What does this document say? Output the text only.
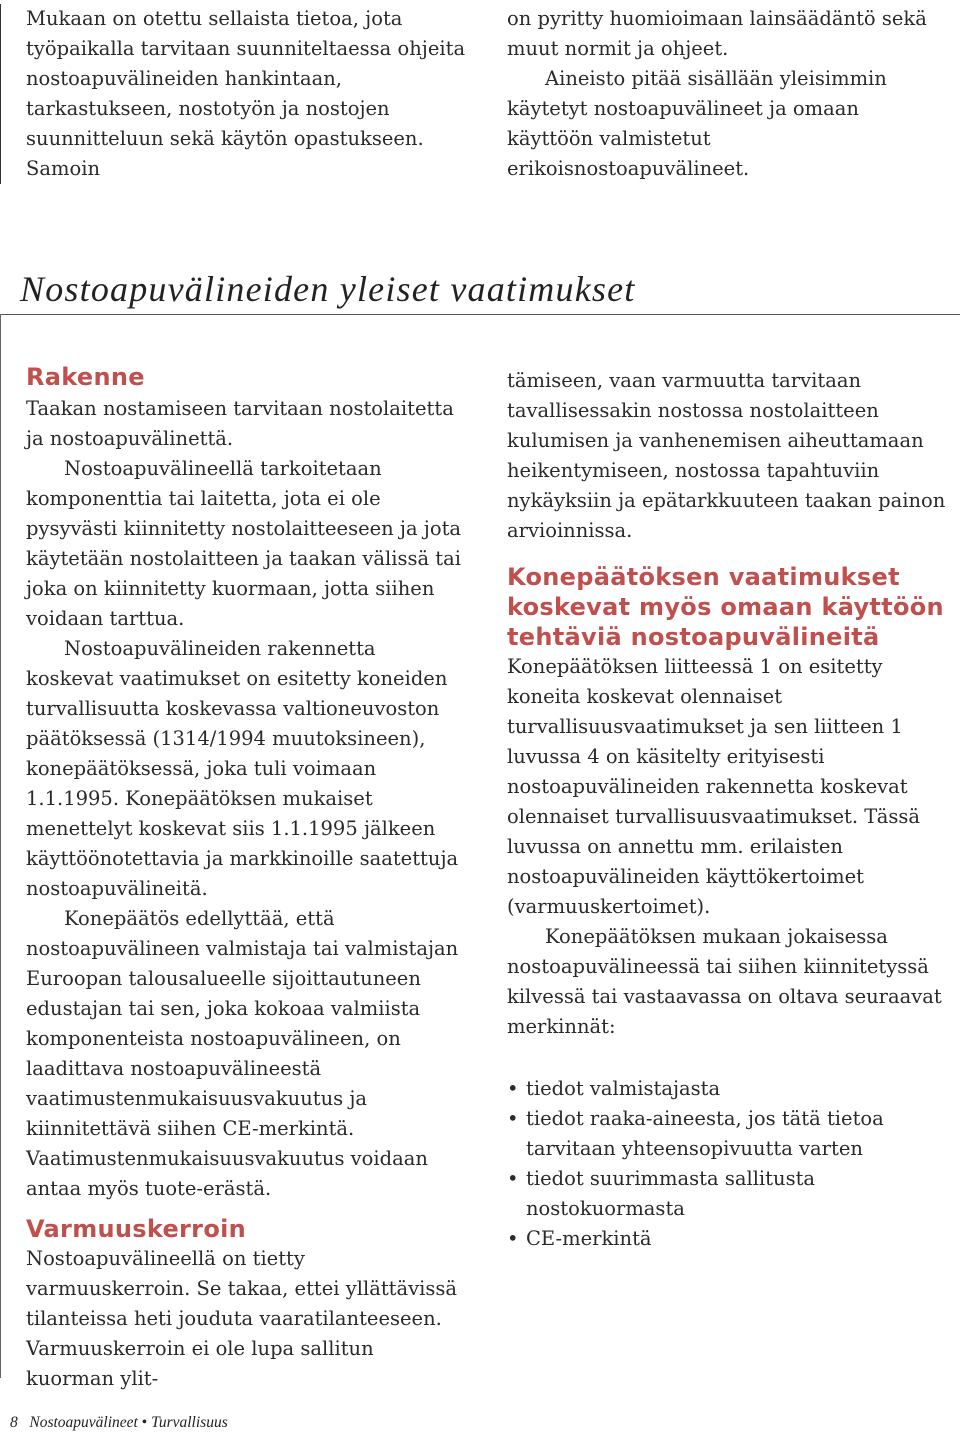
Mukaan on otettu sellaista tietoa, jota työpaikalla tarvitaan suunniteltaessa ohjeita nostoapuvälineiden hankintaan, tarkastukseen, nostotyön ja nostojen suunnitteluun sekä käytön opastukseen. Samoin

on pyritty huomioimaan lainsäädäntö sekä muut normit ja ohjeet.

Aineisto pitää sisällään yleisimmin käytetyt nostoapuvälineet ja omaan käyttöön valmistetut erikoisnostoapuvälineet.

Nostoapuvälineiden yleiset vaatimukset
Rakenne

Taakan nostamiseen tarvitaan nostolaitetta ja nostoapuvälinettä.

Nostoapuvälineellä tarkoitetaan komponenttia tai laitetta, jota ei ole pysyvästi kiinnitetty nostolaitteeseen ja jota käytetään nostolaitteen ja taakan välissä tai joka on kiinnitetty kuormaan, jotta siihen voidaan tarttua.

Nostoapuvälineiden rakennetta koskevat vaatimukset on esitetty koneiden turvallisuutta koskevassa valtioneuvoston päätöksessä (1314/1994 muutoksineen), konepäätöksessä, joka tuli voimaan 1.1.1995. Konepäätöksen mukaiset menettelyt koskevat siis 1.1.1995 jälkeen käyttöönotettavia ja markkinoille saatettuja nostoapuvälineitä.

Konepäätös edellyttää, että nostoapuvälineen valmistaja tai valmistajan Euroopan talousalueelle sijoittautuneen edustajan tai sen, joka kokoaa valmiista komponenteista nostoapuvälineen, on laadittava nostoapuvälineestä vaatimustenmukaisuusvakuutus ja kiinnitettävä siihen CE-merkintä. Vaatimustenmukaisuusvakuutus voidaan antaa myös tuote-erästä.

Varmuuskerroin

Nostoapuvälineellä on tietty varmuuskerroin. Se takaa, ettei yllättävissä tilanteissa heti jouduta vaaratilanteeseen. Varmuuskerroin ei ole lupa sallitun kuorman ylit-

tämiseen, vaan varmuutta tarvitaan tavallisessakin nostossa nostolaitteen kulumisen ja vanhenemisen aiheuttamaan heikentymiseen, nostossa tapahtuviin nykäyksiin ja epätarkkuuteen taakan painon arvioinnissa.

Konepäätöksen vaatimukset
koskevat myös omaan käyttöön
tehtäviä nostoapuvälineitä

Konepäätöksen liitteessä 1 on esitetty koneita koskevat olennaiset turvallisuusvaatimukset ja sen liitteen 1 luvussa 4 on käsitelty erityisesti nostoapuvälineiden rakennetta koskevat olennaiset turvallisuusvaatimukset. Tässä luvussa on annettu mm. erilaisten nostoapuvälineiden käyttökertoimet (varmuuskertoimet).

Konepäätöksen mukaan jokaisessa nostoapuvälineessä tai siihen kiinnitetyssä kilvessä tai vastaavassa on oltava seuraavat merkinnät:

• tiedot valmistajasta
• tiedot raaka-aineesta, jos tätä tietoa tarvitaan yhteensopivuutta varten
• tiedot suurimmasta sallitusta nostokuormasta
• CE-merkintä
8 Nostoapuvälineet • Turvallisuus
